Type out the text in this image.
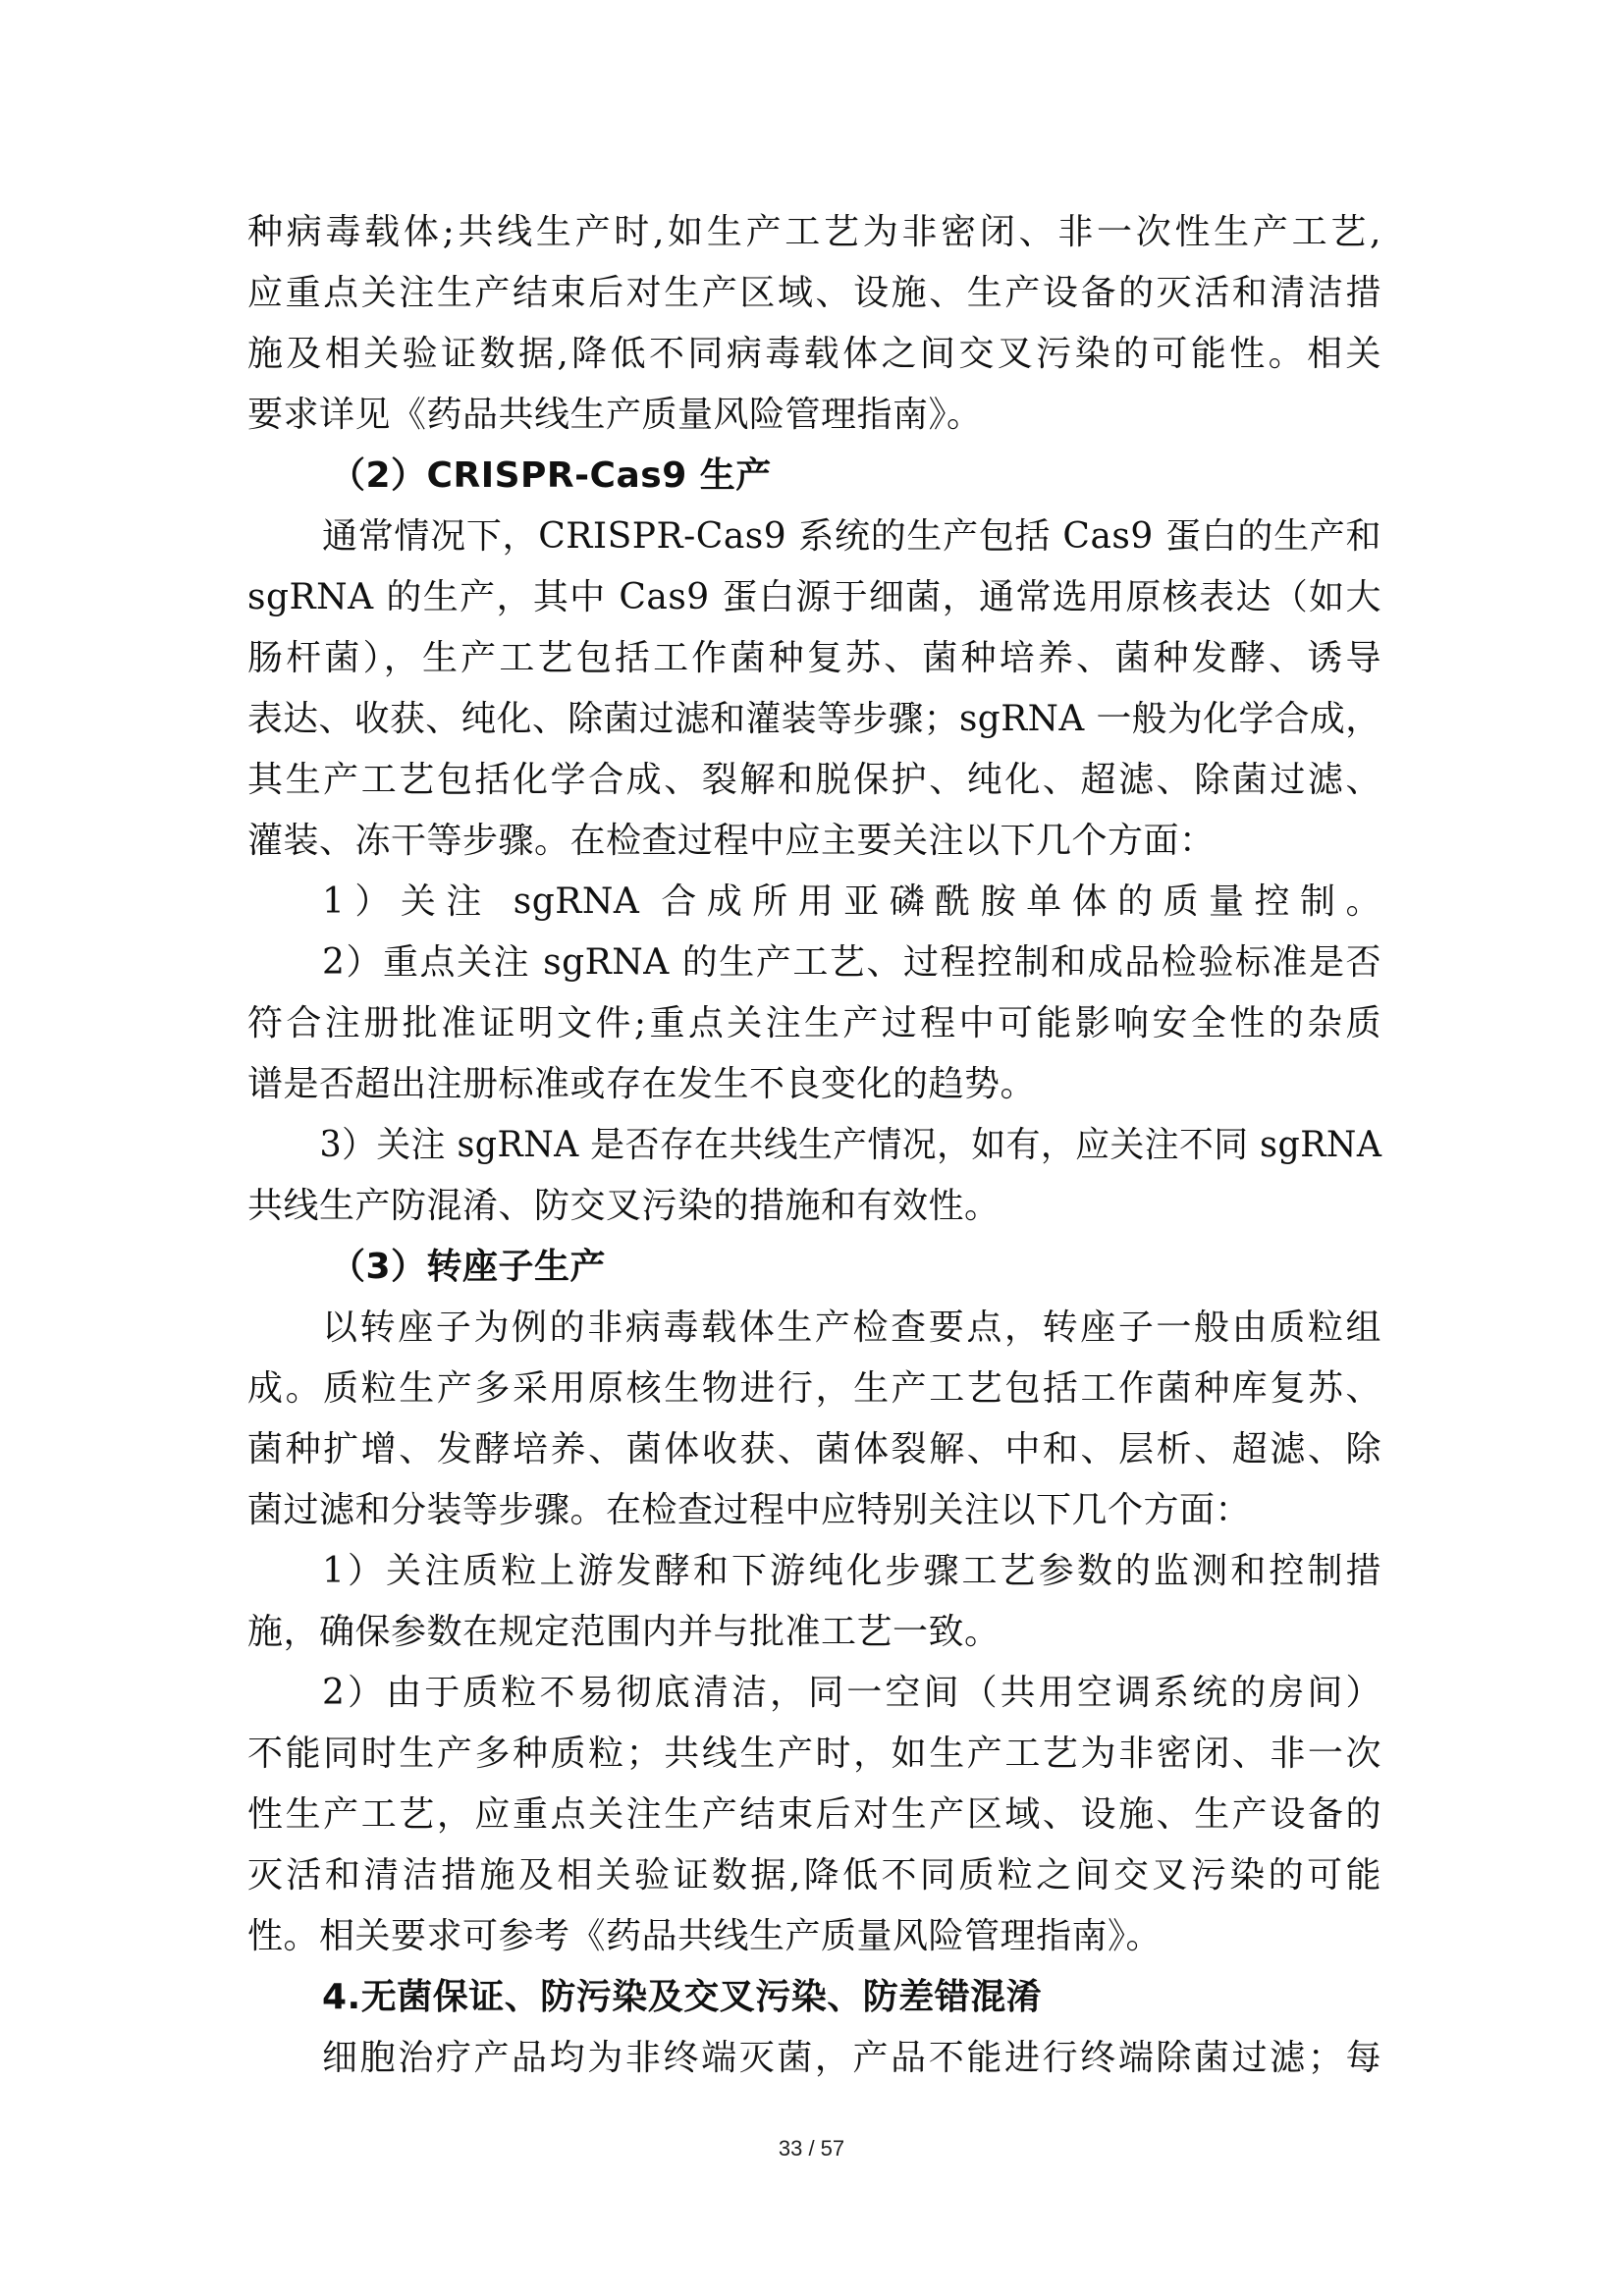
种病毒载体;共线生产时,如生产工艺为非密闭、非一次性生产工艺,
应重点关注生产结束后对生产区域、设施、生产设备的灭活和清洁措
施及相关验证数据,降低不同病毒载体之间交叉污染的可能性。相关
要求详见《药品共线生产质量风险管理指南》。
（2）CRISPR-Cas9 生产
通常情况下，CRISPR-Cas9 系统的生产包括 Cas9 蛋白的生产和
sgRNA 的生产，其中 Cas9 蛋白源于细菌，通常选用原核表达（如大
肠杆菌），生产工艺包括工作菌种复苏、菌种培养、菌种发酵、诱导
表达、收获、纯化、除菌过滤和灌装等步骤；sgRNA 一般为化学合成，
其生产工艺包括化学合成、裂解和脱保护、纯化、超滤、除菌过滤、
灌装、冻干等步骤。在检查过程中应主要关注以下几个方面：
1）关注 sgRNA 合成所用亚磷酰胺单体的质量控制。
2）重点关注 sgRNA 的生产工艺、过程控制和成品检验标准是否
符合注册批准证明文件;重点关注生产过程中可能影响安全性的杂质
谱是否超出注册标准或存在发生不良变化的趋势。
3）关注 sgRNA 是否存在共线生产情况，如有，应关注不同 sgRNA
共线生产防混淆、防交叉污染的措施和有效性。
（3）转座子生产
以转座子为例的非病毒载体生产检查要点，转座子一般由质粒组
成。质粒生产多采用原核生物进行，生产工艺包括工作菌种库复苏、
菌种扩增、发酵培养、菌体收获、菌体裂解、中和、层析、超滤、除
菌过滤和分装等步骤。在检查过程中应特别关注以下几个方面：
1）关注质粒上游发酵和下游纯化步骤工艺参数的监测和控制措
施，确保参数在规定范围内并与批准工艺一致。
2）由于质粒不易彻底清洁，同一空间（共用空调系统的房间）
不能同时生产多种质粒；共线生产时，如生产工艺为非密闭、非一次
性生产工艺，应重点关注生产结束后对生产区域、设施、生产设备的
灭活和清洁措施及相关验证数据,降低不同质粒之间交叉污染的可能
性。相关要求可参考《药品共线生产质量风险管理指南》。
4.无菌保证、防污染及交叉污染、防差错混淆
细胞治疗产品均为非终端灭菌，产品不能进行终端除菌过滤；每
33 / 57
